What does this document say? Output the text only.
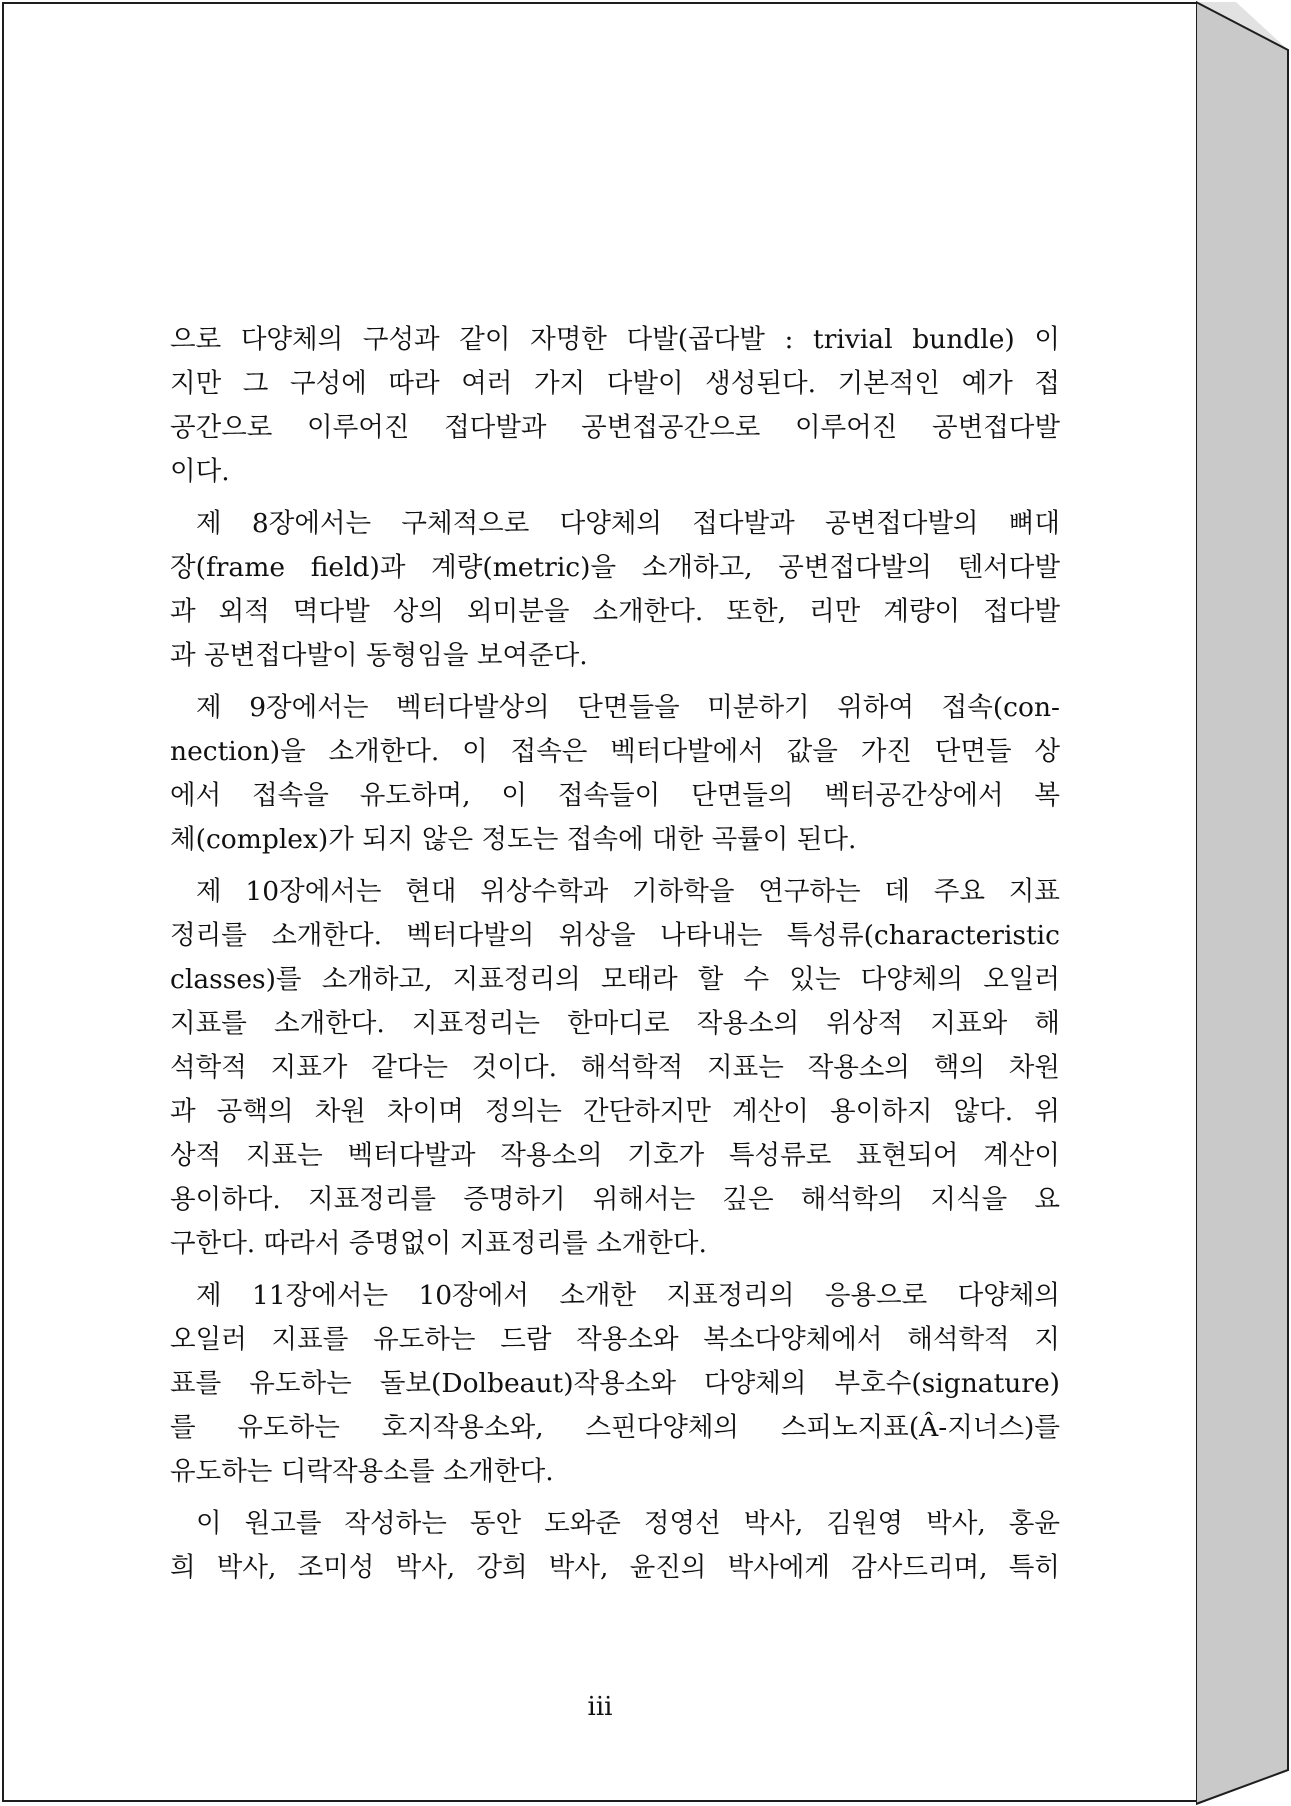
으로 다양체의 구성과 같이 자명한 다발(곱다발 : trivial bundle) 이
지만 그 구성에 따라 여러 가지 다발이 생성된다. 기본적인 예가 접
공간으로 이루어진 접다발과 공변접공간으로 이루어진 공변접다발
이다.
제 8장에서는 구체적으로 다양체의 접다발과 공변접다발의 뼈대
장(frame field)과 계량(metric)을 소개하고, 공변접다발의 텐서다발
과 외적 멱다발 상의 외미분을 소개한다. 또한, 리만 계량이 접다발
과 공변접다발이 동형임을 보여준다.
제 9장에서는 벡터다발상의 단면들을 미분하기 위하여 접속(con-
nection)을 소개한다. 이 접속은 벡터다발에서 값을 가진 단면들 상
에서 접속을 유도하며, 이 접속들이 단면들의 벡터공간상에서 복
체(complex)가 되지 않은 정도는 접속에 대한 곡률이 된다.
제 10장에서는 현대 위상수학과 기하학을 연구하는 데 주요 지표
정리를 소개한다. 벡터다발의 위상을 나타내는 특성류(characteristic
classes)를 소개하고, 지표정리의 모태라 할 수 있는 다양체의 오일러
지표를 소개한다. 지표정리는 한마디로 작용소의 위상적 지표와 해
석학적 지표가 같다는 것이다. 해석학적 지표는 작용소의 핵의 차원
과 공핵의 차원 차이며 정의는 간단하지만 계산이 용이하지 않다. 위
상적 지표는 벡터다발과 작용소의 기호가 특성류로 표현되어 계산이
용이하다. 지표정리를 증명하기 위해서는 깊은 해석학의 지식을 요
구한다. 따라서 증명없이 지표정리를 소개한다.
제 11장에서는 10장에서 소개한 지표정리의 응용으로 다양체의
오일러 지표를 유도하는 드람 작용소와 복소다양체에서 해석학적 지
표를 유도하는 돌보(Dolbeaut)작용소와 다양체의 부호수(signature)
를 유도하는 호지작용소와, 스핀다양체의 스피노지표(Â-지너스)를
유도하는 디락작용소를 소개한다.
이 원고를 작성하는 동안 도와준 정영선 박사, 김원영 박사, 홍윤
희 박사, 조미성 박사, 강희 박사, 윤진의 박사에게 감사드리며, 특히
iii
